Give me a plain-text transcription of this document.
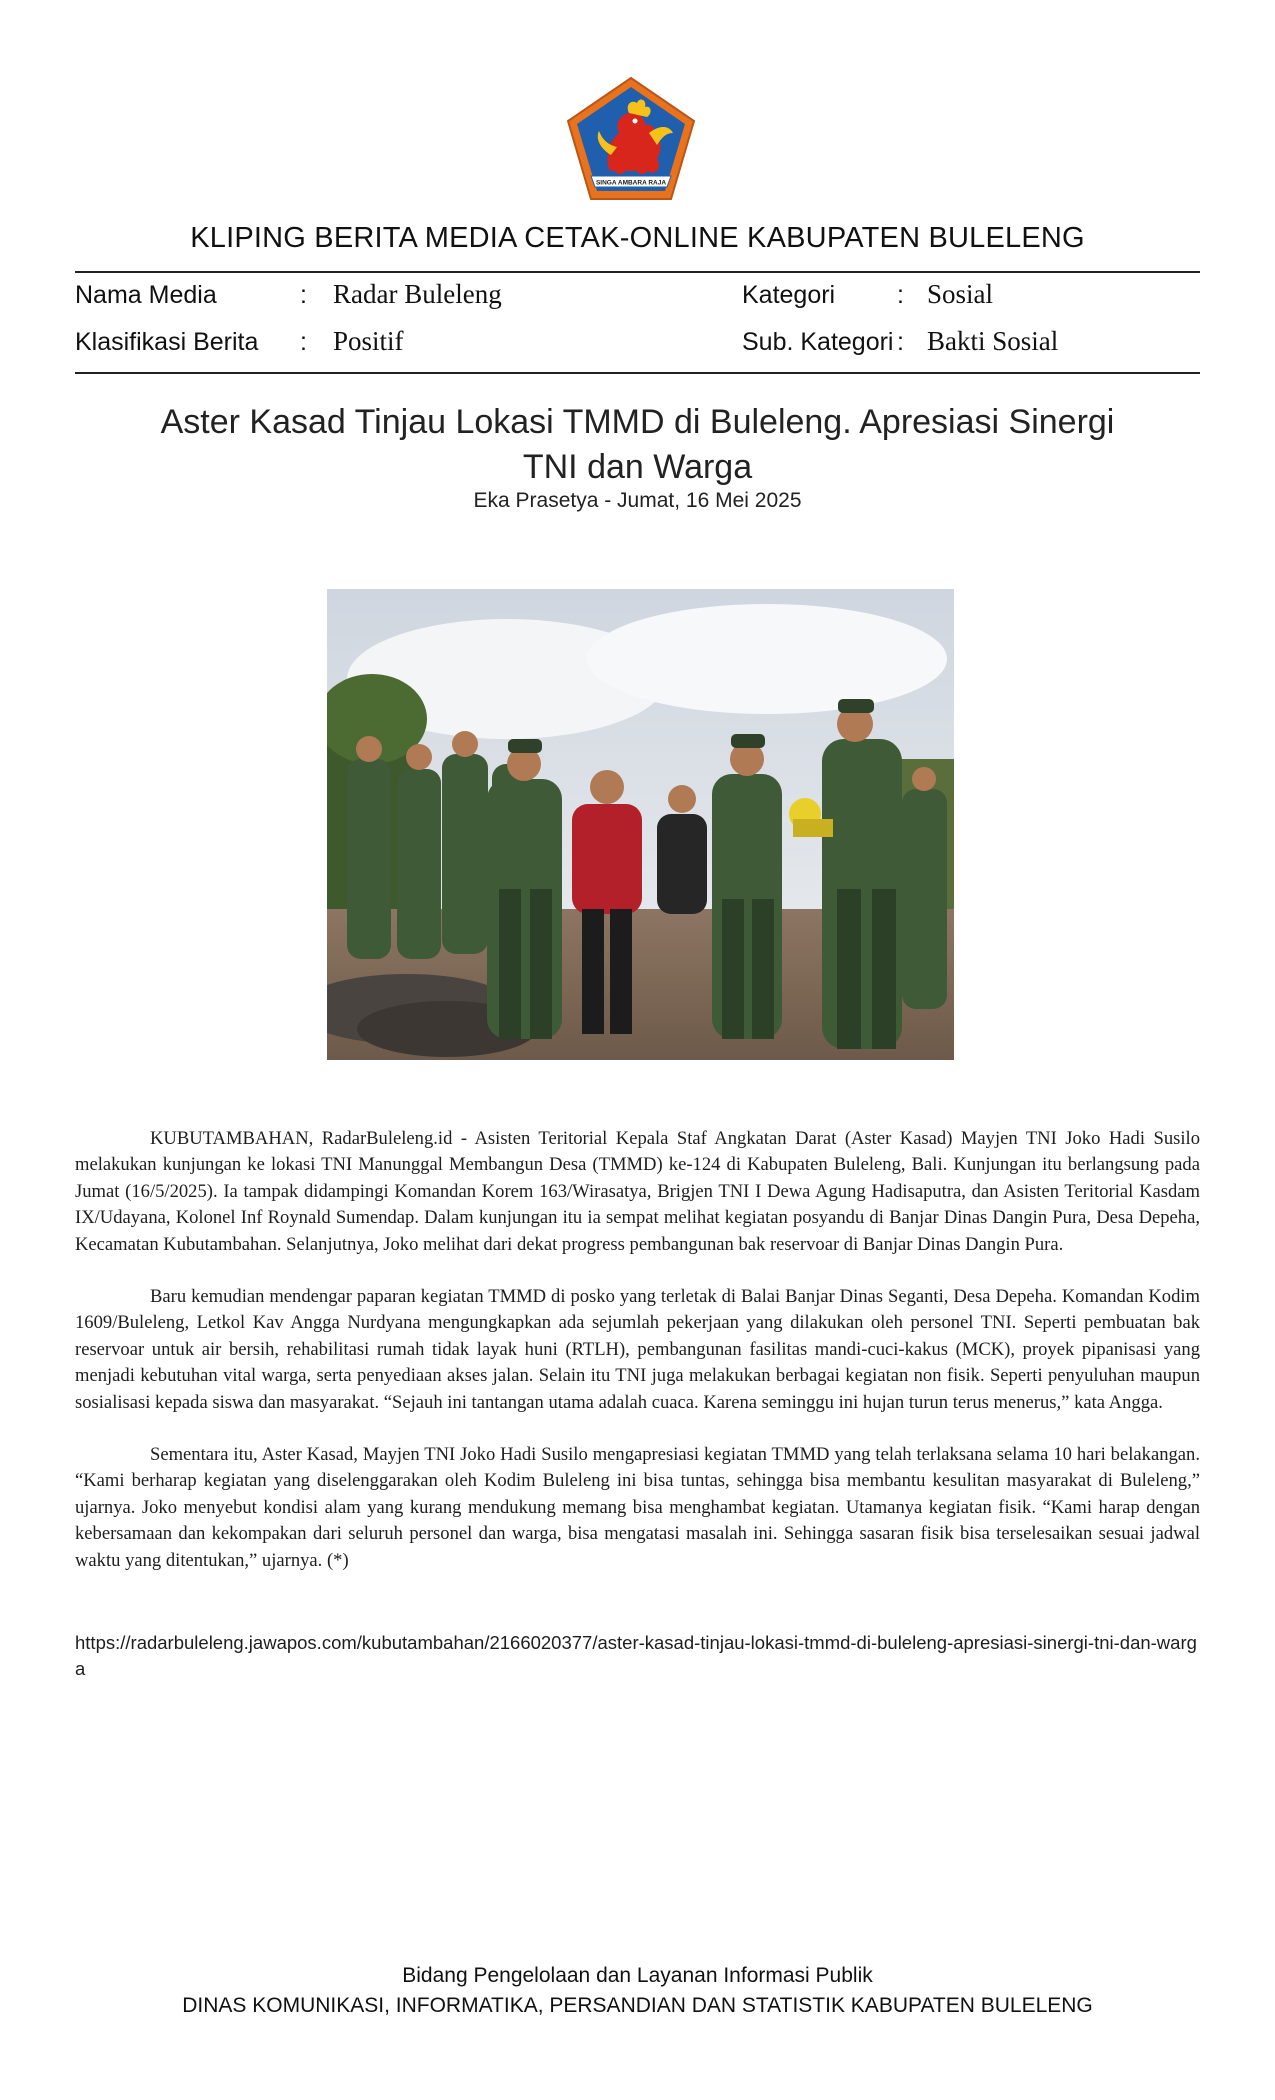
SINGA AMBARA RAJA
KLIPING BERITA MEDIA CETAK-ONLINE KABUPATEN BULELENG
Nama Media	: Radar Buleleng	Kategori : Sosial
Klasifikasi Berita : Positif	Sub. Kategori : Bakti Sosial
Aster Kasad Tinjau Lokasi TMMD di Buleleng. Apresiasi Sinergi TNI dan Warga
Eka Prasetya - Jumat, 16 Mei 2025

KUBUTAMBAHAN, RadarBuleleng.id - Asisten Teritorial Kepala Staf Angkatan Darat (Aster Kasad) Mayjen TNI Joko Hadi Susilo melakukan kunjungan ke lokasi TNI Manunggal Membangun Desa (TMMD) ke-124 di Kabupaten Buleleng, Bali. Kunjungan itu berlangsung pada Jumat (16/5/2025). Ia tampak didampingi Komandan Korem 163/Wirasatya, Brigjen TNI I Dewa Agung Hadisaputra, dan Asisten Teritorial Kasdam IX/Udayana, Kolonel Inf Roynald Sumendap. Dalam kunjungan itu ia sempat melihat kegiatan posyandu di Banjar Dinas Dangin Pura, Desa Depeha, Kecamatan Kubutambahan. Selanjutnya, Joko melihat dari dekat progress pembangunan bak reservoar di Banjar Dinas Dangin Pura.

Baru kemudian mendengar paparan kegiatan TMMD di posko yang terletak di Balai Banjar Dinas Seganti, Desa Depeha. Komandan Kodim 1609/Buleleng, Letkol Kav Angga Nurdyana mengungkapkan ada sejumlah pekerjaan yang dilakukan oleh personel TNI. Seperti pembuatan bak reservoar untuk air bersih, rehabilitasi rumah tidak layak huni (RTLH), pembangunan fasilitas mandi-cuci-kakus (MCK), proyek pipanisasi yang menjadi kebutuhan vital warga, serta penyediaan akses jalan. Selain itu TNI juga melakukan berbagai kegiatan non fisik. Seperti penyuluhan maupun sosialisasi kepada siswa dan masyarakat. “Sejauh ini tantangan utama adalah cuaca. Karena seminggu ini hujan turun terus menerus,” kata Angga.

Sementara itu, Aster Kasad, Mayjen TNI Joko Hadi Susilo mengapresiasi kegiatan TMMD yang telah terlaksana selama 10 hari belakangan. “Kami berharap kegiatan yang diselenggarakan oleh Kodim Buleleng ini bisa tuntas, sehingga bisa membantu kesulitan masyarakat di Buleleng,” ujarnya. Joko menyebut kondisi alam yang kurang mendukung memang bisa menghambat kegiatan. Utamanya kegiatan fisik. “Kami harap dengan kebersamaan dan kekompakan dari seluruh personel dan warga, bisa mengatasi masalah ini. Sehingga sasaran fisik bisa terselesaikan sesuai jadwal waktu yang ditentukan,” ujarnya. (*)

https://radarbuleleng.jawapos.com/kubutambahan/2166020377/aster-kasad-tinjau-lokasi-tmmd-di-buleleng-apresiasi-sinergi-tni-dan-warga
Bidang Pengelolaan dan Layanan Informasi Publik
DINAS KOMUNIKASI, INFORMATIKA, PERSANDIAN DAN STATISTIK KABUPATEN BULELENG
